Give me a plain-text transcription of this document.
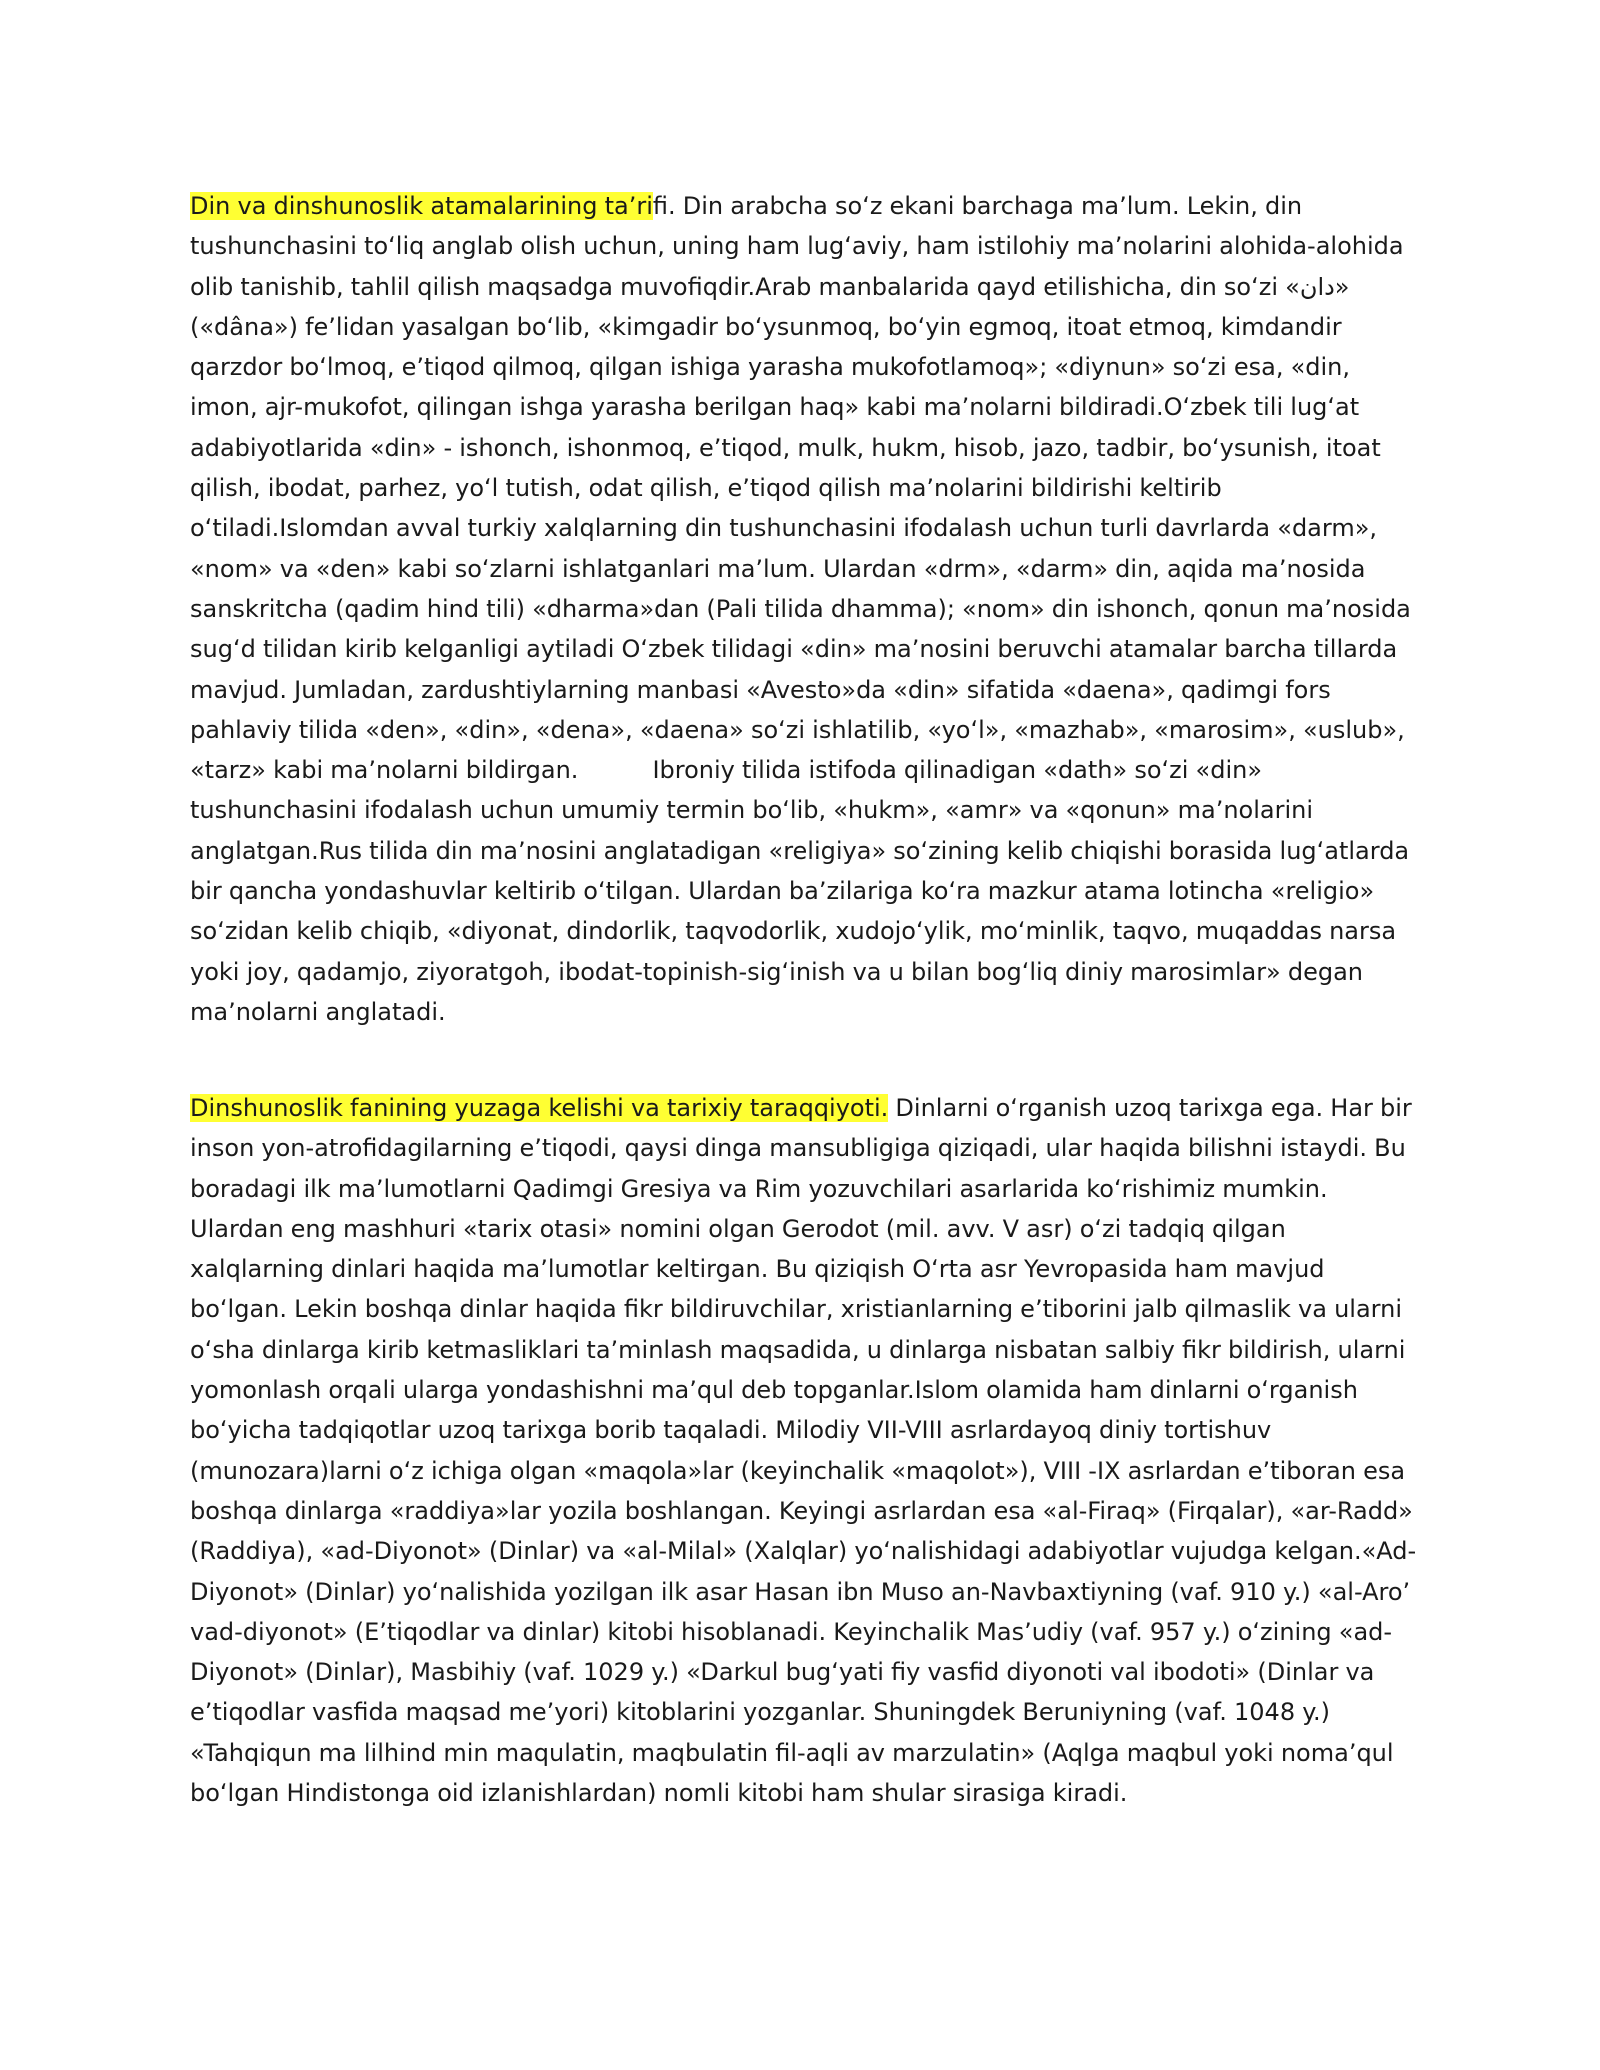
Din va dinshunoslik atamalarining taʼrifi. Din arabcha soʻz ekani barchaga maʼlum. Lekin, din tushunchasini toʻliq anglab olish uchun, uning ham lugʻaviy, ham istilohiy maʼnolarini alohida-alohida olib tanishib, tahlil qilish maqsadga muvofiqdir.Arab manbalarida qayd etilishicha, din soʻzi «دان» («dâna») feʼlidan yasalgan boʻlib, «kimgadir boʻysunmoq, boʻyin egmoq, itoat etmoq, kimdandir qarzdor boʻlmoq, eʼtiqod qilmoq, qilgan ishiga yarasha mukofotlamoq»; «diynun» soʻzi esa, «din, imon, ajr-mukofot, qilingan ishga yarasha berilgan haq» kabi maʼnolarni bildiradi.Oʻzbek tili lugʻat adabiyotlarida «din» - ishonch, ishonmoq, eʼtiqod, mulk, hukm, hisob, jazo, tadbir, boʻysunish, itoat qilish, ibodat, parhez, yoʻl tutish, odat qilish, eʼtiqod qilish maʼnolarini bildirishi keltirib oʻtiladi.Islomdan avval turkiy xalqlarning din tushunchasini ifodalash uchun turli davrlarda «darm», «nom» va «den» kabi soʻzlarni ishlatganlari maʼlum. Ulardan «drm», «darm» din, aqida maʼnosida sanskritcha (qadim hind tili) «dharma»dan (Pali tilida dhamma); «nom» din ishonch, qonun maʼnosida sugʻd tilidan kirib kelganligi aytiladi Oʻzbek tilidagi «din» maʼnosini beruvchi atamalar barcha tillarda mavjud. Jumladan, zardushtiylarning manbasi «Avesto»da «din» sifatida «daena», qadimgi fors pahlaviy tilida «den», «din», «dena», «daena» soʻzi ishlatilib, «yoʻl», «mazhab», «marosim», «uslub», «tarz» kabi maʼnolarni bildirgan.	Ibroniy tilida istifoda qilinadigan «dath» soʻzi «din» tushunchasini ifodalash uchun umumiy termin boʻlib, «hukm», «amr» va «qonun» maʼnolarini anglatgan.Rus tilida din maʼnosini anglatadigan «religiya» soʻzining kelib chiqishi borasida lugʻatlarda bir qancha yondashuvlar keltirib oʻtilgan. Ulardan baʼzilariga koʻra mazkur atama lotincha «religio» soʻzidan kelib chiqib, «diyonat, dindorlik, taqvodorlik, xudojoʻylik, moʻminlik, taqvo, muqaddas narsa yoki joy, qadamjo, ziyoratgoh, ibodat-topinish-sigʻinish va u bilan bogʻliq diniy marosimlar» degan maʼnolarni anglatadi.

Dinshunoslik fanining yuzaga kelishi va tarixiy taraqqiyoti. Dinlarni oʻrganish uzoq tarixga ega. Har bir inson yon-atrofidagilarning eʼtiqodi, qaysi dinga mansubligiga qiziqadi, ular haqida bilishni istaydi. Bu boradagi ilk maʼlumotlarni Qadimgi Gresiya va Rim yozuvchilari asarlarida koʻrishimiz mumkin. Ulardan eng mashhuri «tarix otasi» nomini olgan Gerodot (mil. avv. V asr) oʻzi tadqiq qilgan xalqlarning dinlari haqida maʼlumotlar keltirgan. Bu qiziqish Oʻrta asr Yevropasida ham mavjud boʻlgan. Lekin boshqa dinlar haqida fikr bildiruvchilar, xristianlarning eʼtiborini jalb qilmaslik va ularni oʻsha dinlarga kirib ketmasliklari taʼminlash maqsadida, u dinlarga nisbatan salbiy fikr bildirish, ularni yomonlash orqali ularga yondashishni maʼqul deb topganlar.Islom olamida ham dinlarni oʻrganish boʻyicha tadqiqotlar uzoq tarixga borib taqaladi. Milodiy VII-VIII asrlardayoq diniy tortishuv (munozara)larni oʻz ichiga olgan «maqola»lar (keyinchalik «maqolot»), VIII -IX asrlardan eʼtiboran esa boshqa dinlarga «raddiya»lar yozila boshlangan. Keyingi asrlardan esa «al-Firaq» (Firqalar), «ar-Radd» (Raddiya), «ad-Diyonot» (Dinlar) va «al-Milal» (Xalqlar) yoʻnalishidagi adabiyotlar vujudga kelgan.«Ad-Diyonot» (Dinlar) yoʻnalishida yozilgan ilk asar Hasan ibn Muso an-Navbaxtiyning (vaf. 910 y.) «al-Aro’ vad-diyonot» (Eʼtiqodlar va dinlar) kitobi hisoblanadi. Keyinchalik Masʼudiy (vaf. 957 y.) oʻzining «ad-Diyonot» (Dinlar), Masbihiy (vaf. 1029 y.) «Darkul bugʻyati fiy vasfid diyonoti val ibodoti» (Dinlar va eʼtiqodlar vasfida maqsad me’yori) kitoblarini yozganlar. Shuningdek Beruniyning (vaf. 1048 y.) «Tahqiqun ma lilhind min maqulatin, maqbulatin fil-aqli av marzulatin» (Aqlga maqbul yoki nomaʼqul boʻlgan Hindistonga oid izlanishlardan) nomli kitobi ham shular sirasiga kiradi.
